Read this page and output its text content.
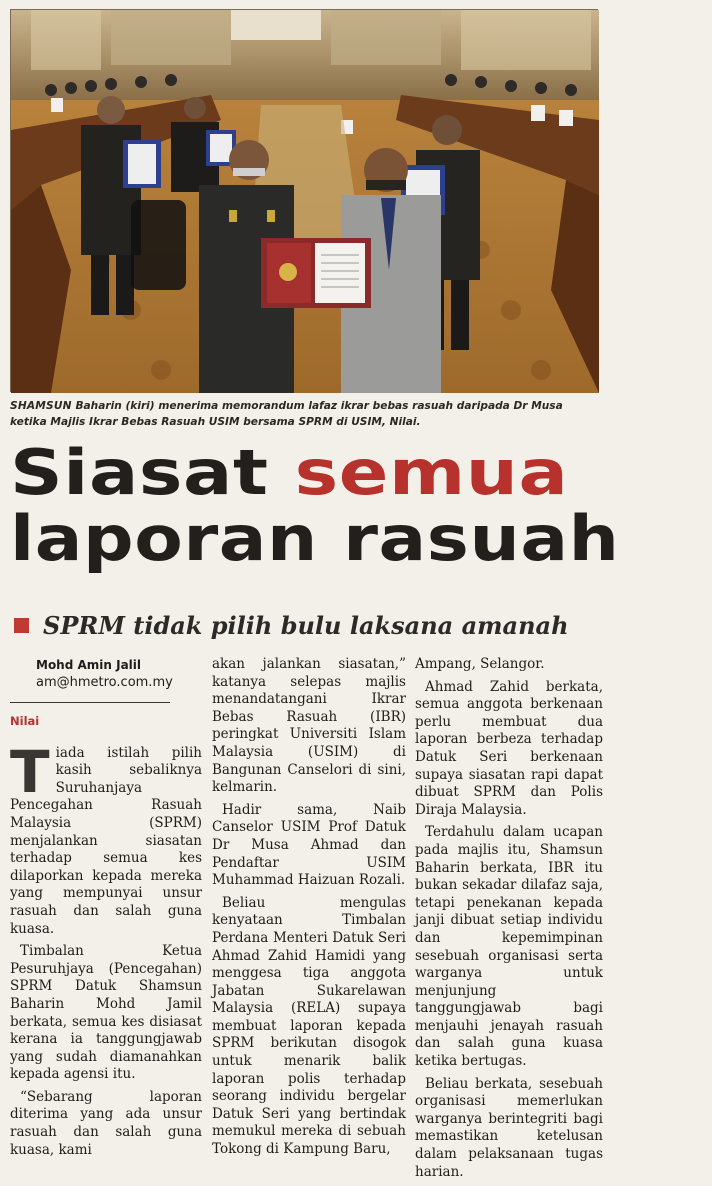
SHAMSUN Baharin (kiri) menerima memorandum lafaz ikrar bebas rasuah daripada Dr Musa ketika Majlis Ikrar Bebas Rasuah USIM bersama SPRM di USIM, Nilai.
Siasat semua
laporan rasuah
SPRM tidak pilih bulu laksana amanah
Mohd Amin Jalil
am@hmetro.com.my
Nilai
T iada istilah pilih kasih sebaliknya Suruhanjaya Pencegahan Rasuah Malaysia (SPRM) menjalankan siasatan terhadap semua kes dilaporkan kepada mereka yang mempunyai unsur rasuah dan salah guna kuasa.

Timbalan Ketua Pesuruhjaya (Pencegahan) SPRM Datuk Shamsun Baharin Mohd Jamil berkata, semua kes disiasat kerana ia tanggungjawab yang sudah diamanahkan kepada agensi itu.

“Sebarang laporan diterima yang ada unsur rasuah dan salah guna kuasa, kami

akan jalankan siasatan,” katanya selepas majlis menandatangani Ikrar Bebas Rasuah (IBR) peringkat Universiti Islam Malaysia (USIM) di Bangunan Canselori di sini, kelmarin.

Hadir sama, Naib Canselor USIM Prof Datuk Dr Musa Ahmad dan Pendaftar USIM Muhammad Haizuan Rozali.

Beliau mengulas kenyataan Timbalan Perdana Menteri Datuk Seri Ahmad Zahid Hamidi yang menggesa tiga anggota Jabatan Sukarelawan Malaysia (RELA) supaya membuat laporan kepada SPRM berikutan disogok untuk menarik balik laporan polis terhadap seorang individu bergelar Datuk Seri yang bertindak memukul mereka di sebuah Tokong di Kampung Baru,

Ampang, Selangor.

Ahmad Zahid berkata, semua anggota berkenaan perlu membuat dua laporan berbeza terhadap Datuk Seri berkenaan supaya siasatan rapi dapat dibuat SPRM dan Polis Diraja Malaysia.

Terdahulu dalam ucapan pada majlis itu, Shamsun Baharin berkata, IBR itu bukan sekadar dilafaz saja, tetapi penekanan kepada janji dibuat setiap individu dan kepemimpinan sesebuah organisasi serta warganya untuk menjunjung tanggungjawab bagi menjauhi jenayah rasuah dan salah guna kuasa ketika bertugas.

Beliau berkata, sesebuah organisasi memerlukan warganya berintegriti bagi memastikan ketelusan dalam pelaksanaan tugas harian.
